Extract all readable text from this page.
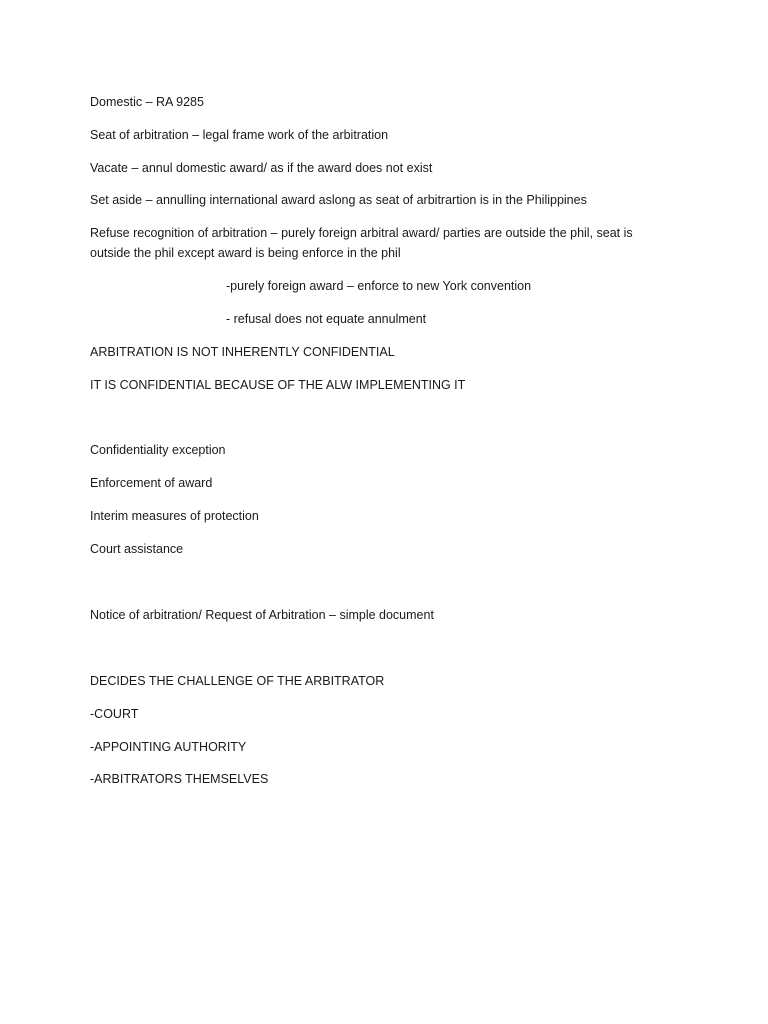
Domestic – RA 9285
Seat of arbitration – legal frame work of the arbitration
Vacate – annul domestic award/ as if the award does not exist
Set aside – annulling international award aslong as seat of arbitrartion is in the Philippines
Refuse recognition of arbitration – purely foreign arbitral award/ parties are outside the phil, seat is outside the phil except award is being enforce in the phil
-purely foreign award – enforce to new York convention
- refusal does not equate annulment
ARBITRATION IS NOT INHERENTLY CONFIDENTIAL
IT IS CONFIDENTIAL BECAUSE OF THE ALW IMPLEMENTING IT
Confidentiality exception
Enforcement of award
Interim measures of protection
Court assistance
Notice of arbitration/ Request of Arbitration – simple document
DECIDES THE CHALLENGE OF THE ARBITRATOR
-COURT
-APPOINTING AUTHORITY
-ARBITRATORS THEMSELVES
